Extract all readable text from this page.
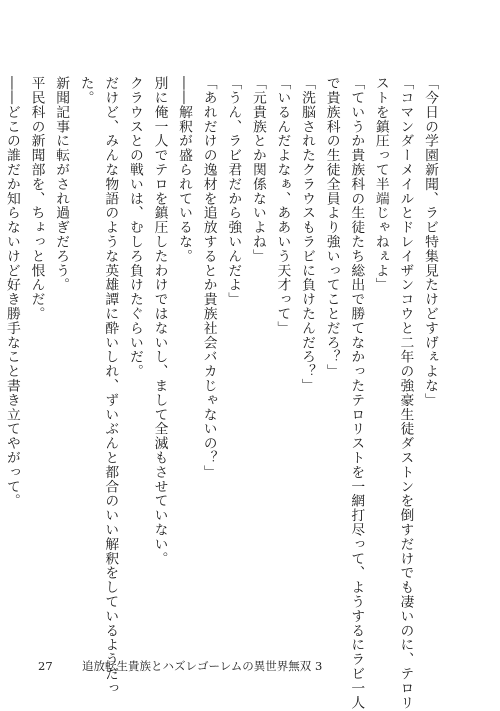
「今日の学園新聞、ラビ特集見たけどすげぇよな」

「コマンダーメイルとドレイザンコウと二年の強豪生徒ダストンを倒すだけでも凄いのに、テロリ

ストを鎮圧って半端じゃねぇよ」

「ていうか貴族科の生徒たち総出で勝てなかったテロリストを一網打尽って、ようするにラビ一人

で貴族科の生徒全員より強いってことだろ？」

「洗脳されたクラウスもラビに負けたんだろ？」

「いるんだよなぁ、ああいう天才って」

「元貴族とか関係ないよね」

「うん、ラビ君だから強いんだよ」

「あれだけの逸材を追放するとか貴族社会バカじゃないの？」

――解釈が盛られているな。

別に俺一人でテロを鎮圧したわけではないし、まして全滅もさせていない。

クラウスとの戦いは、むしろ負けたぐらいだ。

だけど、みんな物語のような英雄譚に酔いしれ、ずいぶんと都合のいい解釈をしているようだっ

た。

新聞記事に転がされ過ぎだろう。

平民科の新聞部を、ちょっと恨んだ。

――どこの誰だか知らないけど好き勝手なこと書き立てやがって。

27	追放転生貴族とハズレゴーレムの異世界無双 3
